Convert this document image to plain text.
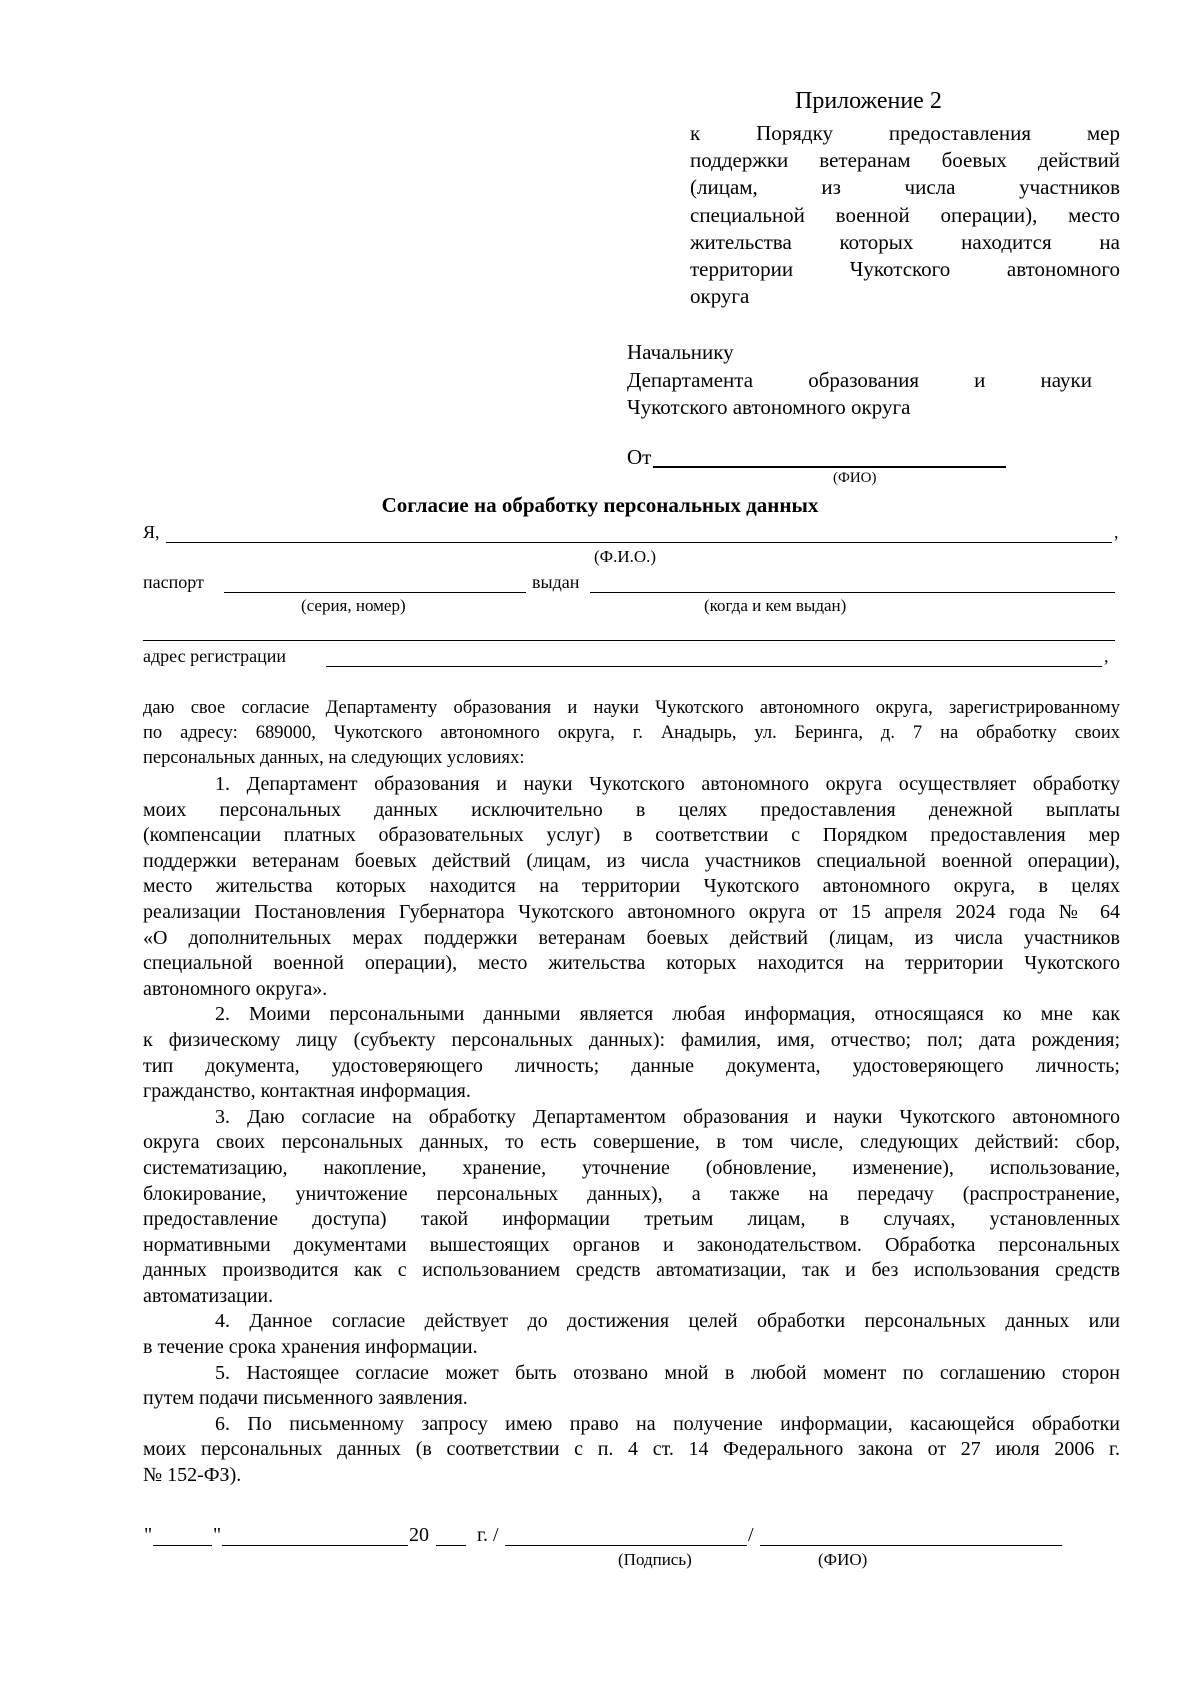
Приложение 2
к Порядку предоставления мер
поддержки ветеранам боевых действий
(лицам, из числа участников
специальной военной операции), место
жительства которых находится на
территории Чукотского автономного
округа
Начальнику
Департамента образования и науки
Чукотского автономного округа
От
(ФИО)
Согласие на обработку персональных данных
Я,	,
(Ф.И.О.)
паспорт	выдан
(серия, номер)	(когда и кем выдан)
адрес регистрации	,
даю свое согласие Департаменту образования и науки Чукотского автономного округа, зарегистрированному
по адресу: 689000, Чукотского автономного округа, г. Анадырь, ул. Беринга, д. 7 на обработку своих
персональных данных, на следующих условиях:
1. Департамент образования и науки Чукотского автономного округа осуществляет обработку
моих персональных данных исключительно в целях предоставления денежной выплаты
(компенсации платных образовательных услуг) в соответствии с Порядком предоставления мер
поддержки ветеранам боевых действий (лицам, из числа участников специальной военной операции),
место жительства которых находится на территории Чукотского автономного округа, в целях
реализации Постановления Губернатора Чукотского автономного округа от 15 апреля 2024 года № 64
«О дополнительных мерах поддержки ветеранам боевых действий (лицам, из числа участников
специальной военной операции), место жительства которых находится на территории Чукотского
автономного округа».
2. Моими персональными данными является любая информация, относящаяся ко мне как
к физическому лицу (субъекту персональных данных): фамилия, имя, отчество; пол; дата рождения;
тип документа, удостоверяющего личность; данные документа, удостоверяющего личность;
гражданство, контактная информация.
3. Даю согласие на обработку Департаментом образования и науки Чукотского автономного
округа своих персональных данных, то есть совершение, в том числе, следующих действий: сбор,
систематизацию, накопление, хранение, уточнение (обновление, изменение), использование,
блокирование, уничтожение персональных данных), а также на передачу (распространение,
предоставление доступа) такой информации третьим лицам, в случаях, установленных
нормативными документами вышестоящих органов и законодательством. Обработка персональных
данных производится как с использованием средств автоматизации, так и без использования средств
автоматизации.
4. Данное согласие действует до достижения целей обработки персональных данных или
в течение срока хранения информации.
5. Настоящее согласие может быть отозвано мной в любой момент по соглашению сторон
путем подачи письменного заявления.
6. По письменному запросу имею право на получение информации, касающейся обработки
моих персональных данных (в соответствии с п. 4 ст. 14 Федерального закона от 27 июля 2006 г.
№ 152-ФЗ).
"	"	20 г. /	/
(Подпись)	(ФИО)
